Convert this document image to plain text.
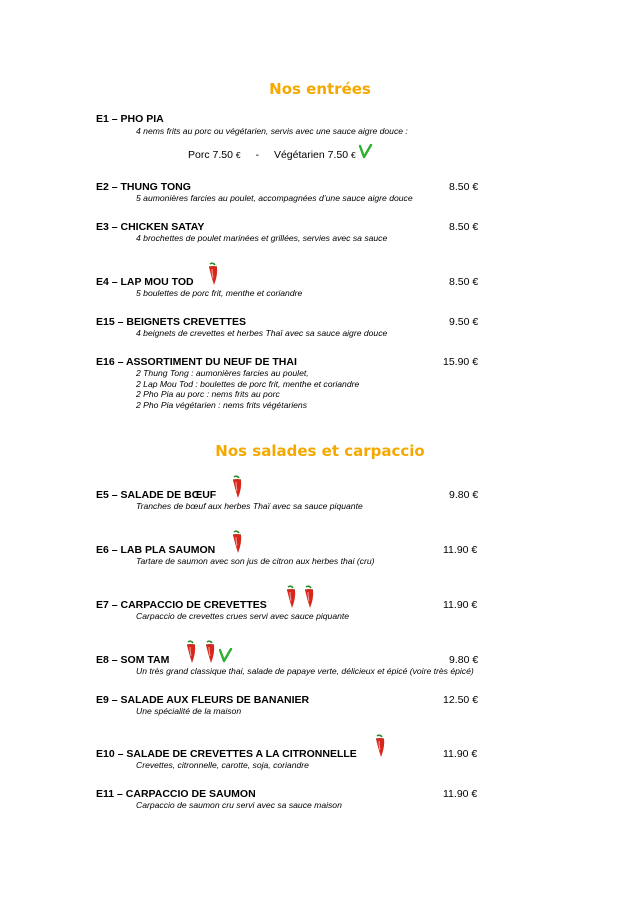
Nos entrées
E1 – PHO PIA
4 nems frits au porc ou végétarien, servis avec une sauce aigre douce :
Porc 7.50 € - Végétarien 7.50 €
E2 – THUNG TONG	8.50 €
5 aumonières farcies au poulet, accompagnées d’une sauce aigre douce
E3 – CHICKEN SATAY	8.50 €
4 brochettes de poulet marinées et grillées, servies avec sa sauce
E4 – LAP MOU TOD	8.50 €
5 boulettes de porc frit, menthe et coriandre
E15 – BEIGNETS CREVETTES	9.50 €
4 beignets de crevettes et herbes Thaï avec sa sauce aigre douce
E16 – ASSORTIMENT DU NEUF DE THAI	15.90 €
2 Thung Tong : aumonières farcies au poulet,
2 Lap Mou Tod : boulettes de porc frit, menthe et coriandre
2 Pho Pia au porc : nems frits au porc
2 Pho Pia végétarien : nems frits végétariens
Nos salades et carpaccio
E5 – SALADE DE BŒUF	9.80 €
Tranches de bœuf aux herbes Thaï avec sa sauce piquante
E6 – LAB PLA SAUMON	11.90 €
Tartare de saumon avec son jus de citron aux herbes thai (cru)
E7 – CARPACCIO DE CREVETTES	11.90 €
Carpaccio de crevettes crues servi avec sauce piquante
E8 – SOM TAM	9.80 €
Un très grand classique thai, salade de papaye verte, délicieux et épicé (voire très épicé)
E9 – SALADE AUX FLEURS DE BANANIER	12.50 €
Une spécialité de la maison
E10 – SALADE DE CREVETTES A LA CITRONNELLE	11.90 €
Crevettes, citronnelle, carotte, soja, coriandre
E11 – CARPACCIO DE SAUMON	11.90 €
Carpaccio de saumon cru servi avec sa sauce maison
